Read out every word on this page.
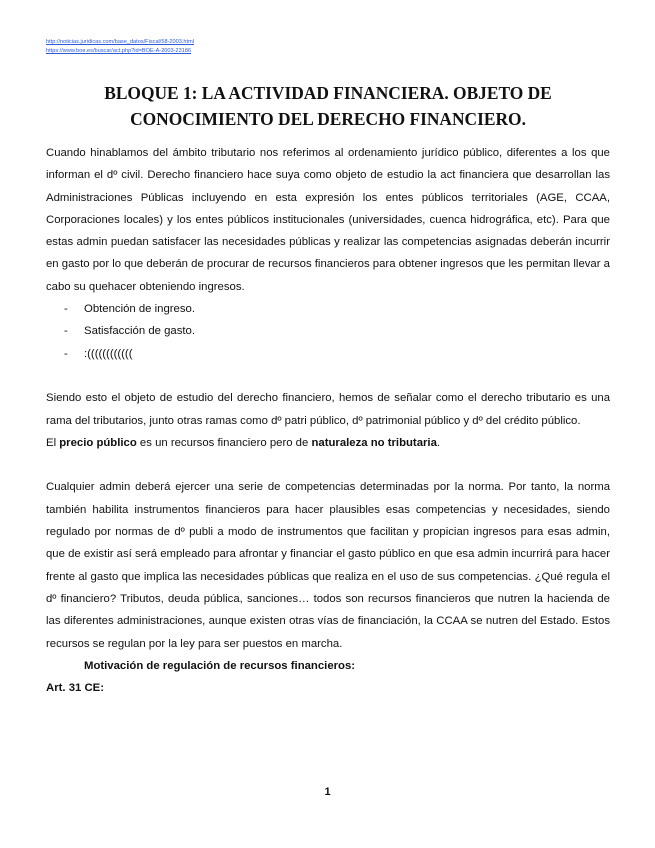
http://noticias.juridicas.com/base_datos/Fiscal/58-2003.html
https://www.boe.es/buscar/act.php?id=BOE-A-2003-23186
BLOQUE 1: LA ACTIVIDAD FINANCIERA. OBJETO DE
CONOCIMIENTO DEL DERECHO FINANCIERO.

Cuando hinablamos del ámbito tributario nos referimos al ordenamiento jurídico público, diferentes a los que informan el dº civil. Derecho financiero hace suya como objeto de estudio la act financiera que desarrollan las Administraciones Públicas incluyendo en esta expresión los entes públicos territoriales (AGE, CCAA, Corporaciones locales) y los entes públicos institucionales (universidades, cuenca hidrográfica, etc). Para que estas admin puedan satisfacer las necesidades públicas y realizar las competencias asignadas deberán incurrir en gasto por lo que deberán de procurar de recursos financieros para obtener ingresos que les permitan llevar a cabo su quehacer obteniendo ingresos.

- Obtención de ingreso.
- Satisfacción de gasto.
- :((((((((((((

Siendo esto el objeto de estudio del derecho financiero, hemos de señalar como el derecho tributario es una rama del tributarios, junto otras ramas como dº patri público, dº patrimonial público y dº del crédito público.

El precio público es un recursos financiero pero de naturaleza no tributaria.

Cualquier admin deberá ejercer una serie de competencias determinadas por la norma. Por tanto, la norma también habilita instrumentos financieros para hacer plausibles esas competencias y necesidades, siendo regulado por normas de dº publi a modo de instrumentos que facilitan y propician ingresos para esas admin, que de existir así será empleado para afrontar y financiar el gasto público en que esa admin incurrirá para hacer frente al gasto que implica las necesidades públicas que realiza en el uso de sus competencias. ¿Qué regula el dº financiero? Tributos, deuda pública, sanciones… todos son recursos financieros que nutren la hacienda de las diferentes administraciones, aunque existen otras vías de financiación, la CCAA se nutren del Estado. Estos recursos se regulan por la ley para ser puestos en marcha.

Motivación de regulación de recursos financieros:

Art. 31 CE:

1
